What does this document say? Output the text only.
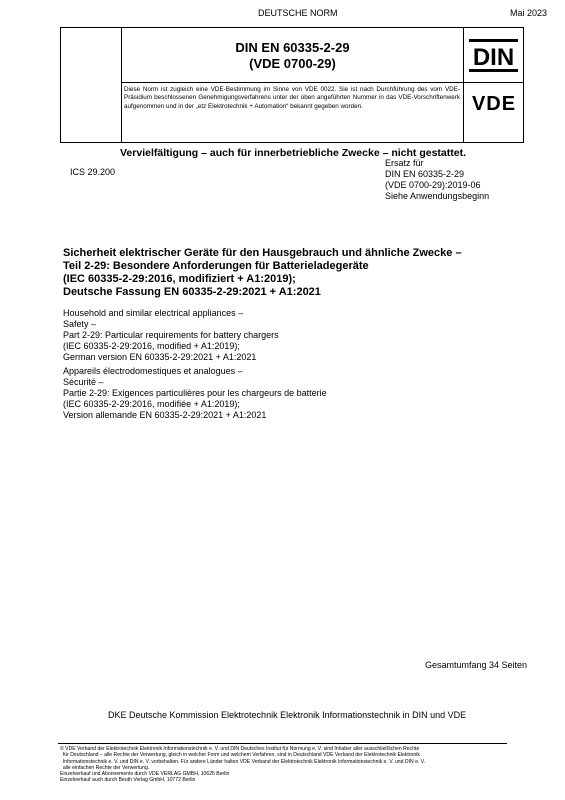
DEUTSCHE NORM	Mai 2023
DIN EN 60335-2-29
(VDE 0700-29)	DIN
Diese Norm ist zugleich eine VDE-Bestimmung im Sinne von VDE 0022. Sie ist nach Durchführung des vom VDE-Präsidium beschlossenen Genehmigungsverfahrens unter der oben angeführten Nummer in das VDE-Vorschriftenwerk aufgenommen und in der „etz Elektrotechnik + Automation“ bekannt gegeben worden.	VDE
Vervielfältigung – auch für innerbetriebliche Zwecke – nicht gestattet.
ICS 29.200
Ersatz für
DIN EN 60335-2-29
(VDE 0700-29):2019-06
Siehe Anwendungsbeginn
Sicherheit elektrischer Geräte für den Hausgebrauch und ähnliche Zwecke –
Teil 2-29: Besondere Anforderungen für Batterieladegeräte
(IEC 60335-2-29:2016, modifiziert + A1:2019);
Deutsche Fassung EN 60335-2-29:2021 + A1:2021
Household and similar electrical appliances –
Safety –
Part 2-29: Particular requirements for battery chargers
(IEC 60335-2-29:2016, modified + A1:2019);
German version EN 60335-2-29:2021 + A1:2021
Appareils électrodomestiques et analogues –
Sécurité –
Partie 2-29: Exigences particulières pour les chargeurs de batterie
(IEC 60335-2-29:2016, modifiée + A1:2019);
Version allemande EN 60335-2-29:2021 + A1:2021
Gesamtumfang 34 Seiten
DKE Deutsche Kommission Elektrotechnik Elektronik Informationstechnik in DIN und VDE
© VDE Verband der Elektrotechnik Elektronik Informationstechnik e. V. und DIN Deutsches Institut für Normung e. V. sind Inhaber aller ausschließlichen Rechte
für Deutschland – alle Rechte der Verwertung, gleich in welcher Form und welchem Verfahren, sind in Deutschland VDE Verband der Elektrotechnik Elektronik
Informationstechnik e. V. und DIN e. V. vorbehalten. Für andere Länder halten VDE Verband der Elektrotechnik Elektronik Informationstechnik e. V. und DIN e. V.
alle einfachen Rechte der Verwertung.
Einzelverkauf und Abonnements durch VDE VERLAG GMBH, 10625 Berlin
Einzelverkauf auch durch Beuth Verlag GmbH, 10772 Berlin
